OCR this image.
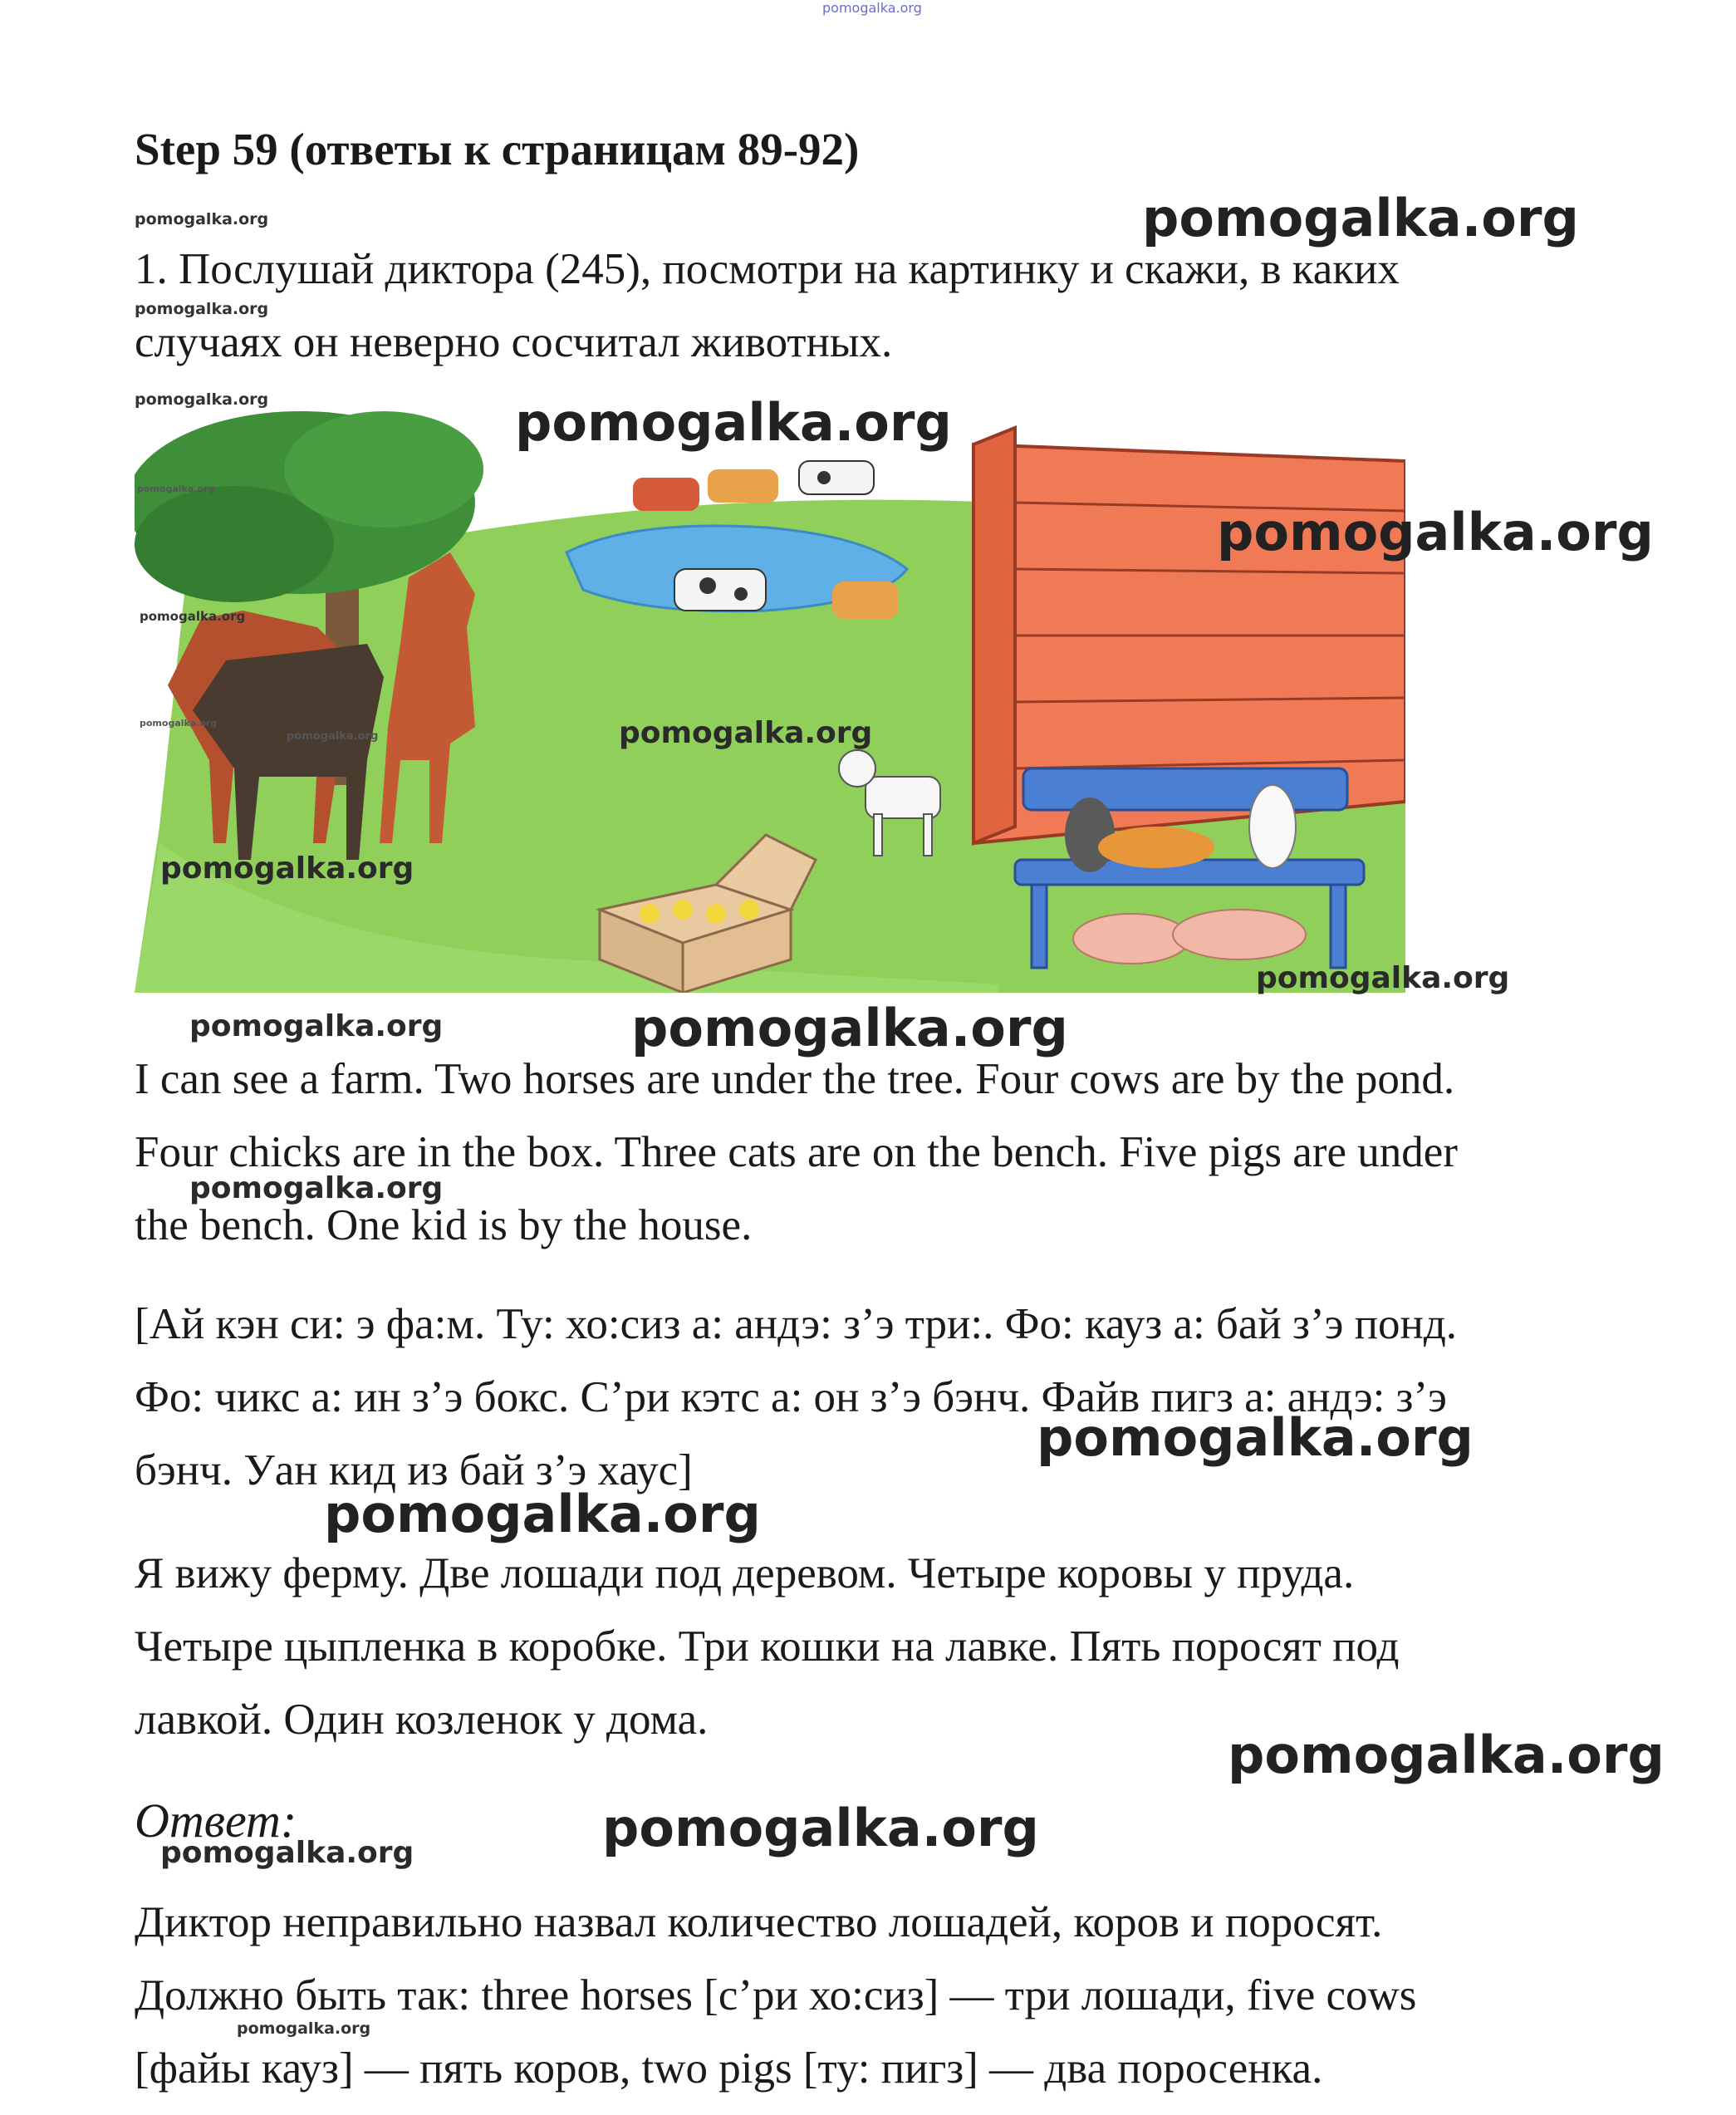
pomogalka.org
Step 59 (ответы к страницам 89-92)
pomogalka.org	pomogalka.org
1. Послушай диктора (245), посмотри на картинку и скажи, в каких
случаях он неверно сосчитал животных.
pomogalka.org
pomogalka.org	pomogalka.org
pomogalka.org
pomogalka.org
pomogalka.org
pomogalka.org
pomogalka.org	pomogalka.org
pomogalka.org
pomogalka.org
pomogalka.org	pomogalka.org
I can see a farm. Two horses are under the tree. Four cows are by the pond.
Four chicks are in the box. Three cats are on the bench. Five pigs are under
the bench. One kid is by the house.
pomogalka.org
[Ай кэн си: э фа:м. Ту: хо:сиз а: андэ: з’э три:. Фо: кауз а: бай з’э понд.
Фо: чикс а: ин з’э бокс. С’ри кэтс а: он з’э бэнч. Файв пигз а: андэ: з’э
бэнч. Уан кид из бай з’э хаус]
pomogalka.org
pomogalka.org
Я вижу ферму. Две лошади под деревом. Четыре коровы у пруда.
Четыре цыпленка в коробке. Три кошки на лавке. Пять поросят под
лавкой. Один козленок у дома.
pomogalka.org
Ответ:
pomogalka.org	pomogalka.org
Диктор неправильно назвал количество лошадей, коров и поросят.
Должно быть так: three horses [с’ри хо:сиз] — три лошади, five cows
[файы кауз] — пять коров, two pigs [ту: пигз] — два поросенка.
pomogalka.org
